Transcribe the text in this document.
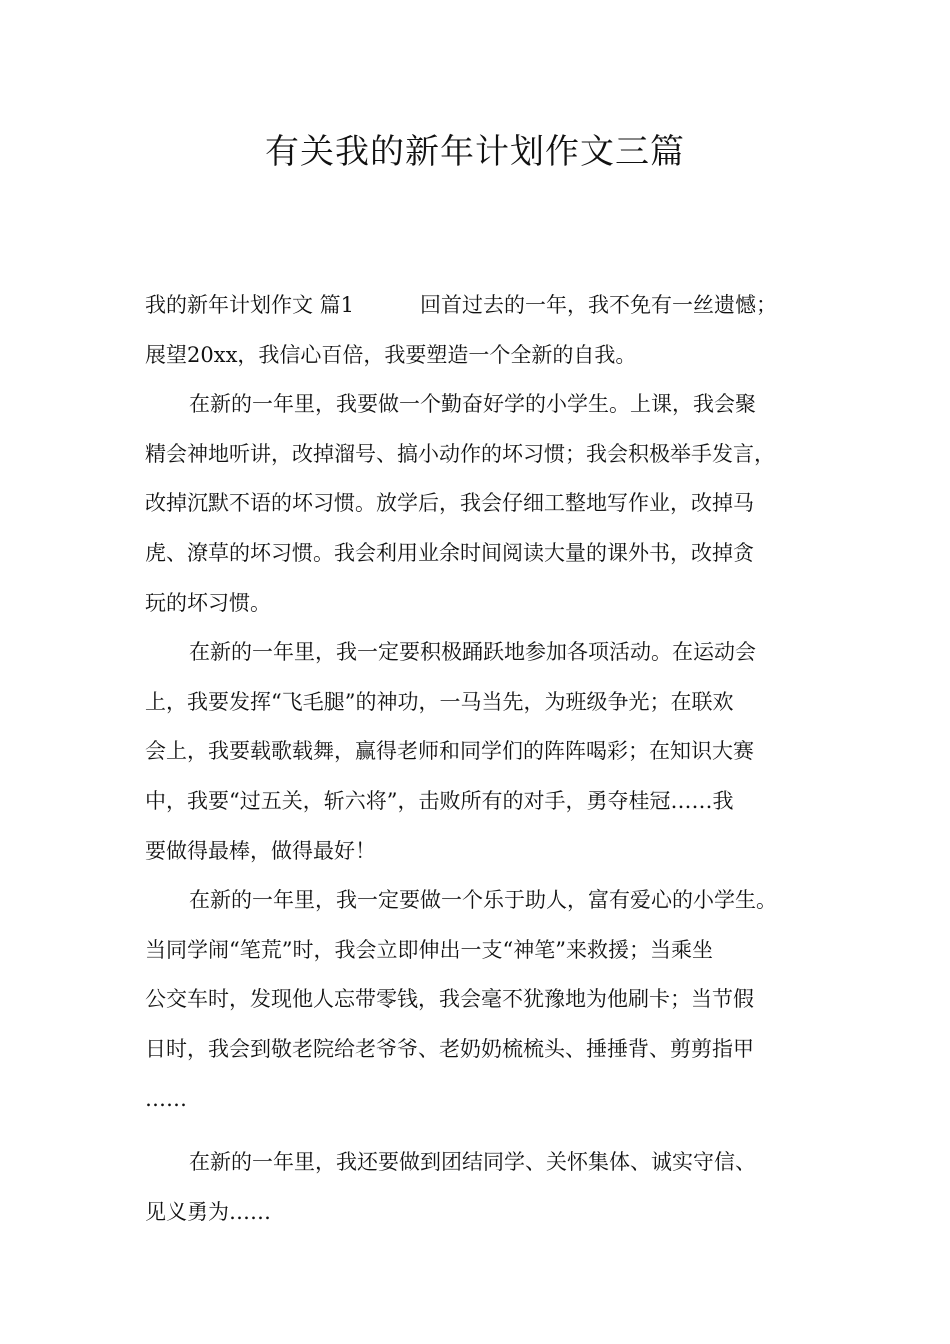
有关我的新年计划作文三篇
我的新年计划作文 篇1	回首过去的一年，我不免有一丝遗憾；
展望20xx，我信心百倍，我要塑造一个全新的自我。
在新的一年里，我要做一个勤奋好学的小学生。上课，我会聚
精会神地听讲，改掉溜号、搞小动作的坏习惯；我会积极举手发言，
改掉沉默不语的坏习惯。放学后，我会仔细工整地写作业，改掉马
虎、潦草的坏习惯。我会利用业余时间阅读大量的课外书，改掉贪
玩的坏习惯。
在新的一年里，我一定要积极踊跃地参加各项活动。在运动会
上，我要发挥“飞毛腿”的神功，一马当先，为班级争光；在联欢
会上，我要载歌载舞，赢得老师和同学们的阵阵喝彩；在知识大赛
中，我要“过五关，斩六将”，击败所有的对手，勇夺桂冠……我
要做得最棒，做得最好！
在新的一年里，我一定要做一个乐于助人，富有爱心的小学生。
当同学闹“笔荒”时，我会立即伸出一支“神笔”来救援；当乘坐
公交车时，发现他人忘带零钱，我会毫不犹豫地为他刷卡；当节假
日时，我会到敬老院给老爷爷、老奶奶梳梳头、捶捶背、剪剪指甲
……
在新的一年里，我还要做到团结同学、关怀集体、诚实守信、
见义勇为……
